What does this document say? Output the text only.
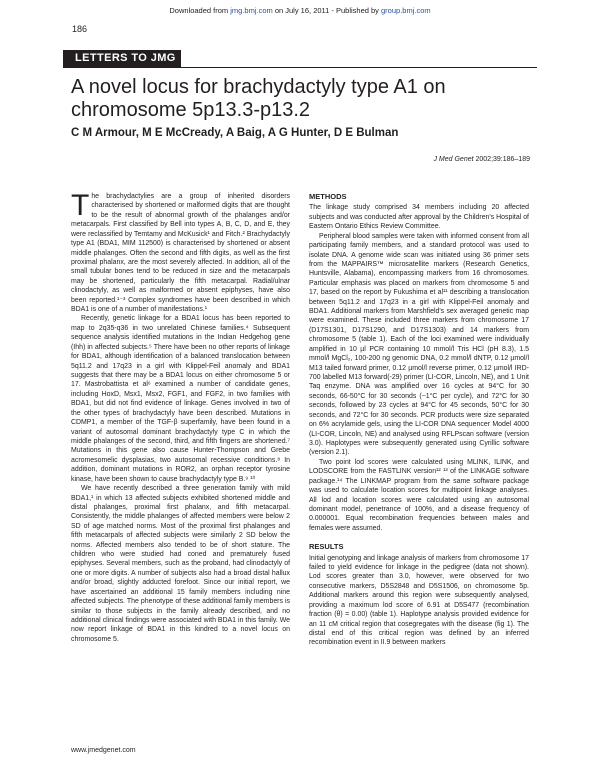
Downloaded from jmg.bmj.com on July 16, 2011 - Published by group.bmj.com
186
LETTERS TO JMG
A novel locus for brachydactyly type A1 on chromosome 5p13.3-p13.2
C M Armour, M E McCready, A Baig, A G Hunter, D E Bulman
J Med Genet 2002;39:186–189

The brachydactylies are a group of inherited disorders characterised by shortened or malformed digits that are thought to be the result of abnormal growth of the phalanges and/or metacarpals. First classified by Bell into types A, B, C, D, and E, they were reclassified by Temtamy and McKusick¹ and Fitch.² Brachydactyly type A1 (BDA1, MIM 112500) is characterised by shortened or absent middle phalanges. Often the second and fifth digits, as well as the first proximal phalanx, are the most severely affected. In addition, all of the small tubular bones tend to be reduced in size and the metacarpals may be shortened, particularly the fifth metacarpal. Radial/ulnar clinodactyly, as well as malformed or absent epiphyses, have also been reported.¹⁻³ Complex syndromes have been described in which BDA1 is one of a number of manifestations.¹

Recently, genetic linkage for a BDA1 locus has been reported to map to 2q35-q36 in two unrelated Chinese families.⁴ Subsequent sequence analysis identified mutations in the Indian Hedgehog gene (Ihh) in affected subjects.⁵ There have been no other reports of linkage for BDA1, although identification of a balanced translocation between 5q11.2 and 17q23 in a girl with Klippel-Feil anomaly and BDA1 suggests that there may be a BDA1 locus on either chromosome 5 or 17. Mastrobattista et al⁶ examined a number of candidate genes, including HoxD, Msx1, Msx2, FGF1, and FGF2, in two families with BDA1, but did not find evidence of linkage. Genes involved in two of the other types of brachydactyly have been described. Mutations in CDMP1, a member of the TGF-β superfamily, have been found in a variant of autosomal dominant brachydactyly type C in which the middle phalanges of the second, third, and fifth fingers are shortened.⁷ Mutations in this gene also cause Hunter-Thompson and Grebe acromesomelic dysplasias, two autosomal recessive conditions.⁸ In addition, dominant mutations in ROR2, an orphan receptor tyrosine kinase, have been shown to cause brachydactyly type B.⁹ ¹⁰

We have recently described a three generation family with mild BDA1,¹ in which 13 affected subjects exhibited shortened middle and distal phalanges, proximal first phalanx, and fifth metacarpal. Consistently, the middle phalanges of affected members were below 2 SD of age matched norms. Most of the proximal first phalanges and fifth metacarpals of affected subjects were similarly 2 SD below the norms. Affected members also tended to be of short stature. The children who were studied had coned and prematurely fused epiphyses. Several members, such as the proband, had clinodactyly of one or more digits. A number of subjects also had a broad distal hallux and/or broad, slightly adducted forefoot. Since our initial report, we have ascertained an additional 15 family members including nine affected subjects. The phenotype of these additional family members is similar to those subjects in the family already described, and no additional clinical findings were associated with BDA1 in this family. We now report linkage of BDA1 in this kindred to a novel locus on chromosome 5.

METHODS

The linkage study comprised 34 members including 20 affected subjects and was conducted after approval by the Children's Hospital of Eastern Ontario Ethics Review Committee.

Peripheral blood samples were taken with informed consent from all participating family members, and a standard protocol was used to isolate DNA. A genome wide scan was initiated using 36 primer sets from the MAPPAIRS™ microsatellite markers (Research Genetics, Huntsville, Alabama), encompassing markers from 16 chromosomes. Particular emphasis was placed on markers from chromosome 5 and 17, based on the report by Fukushima et al¹¹ describing a translocation between 5q11.2 and 17q23 in a girl with Klippel-Feil anomaly and BDA1. Additional markers from Marshfield's sex averaged genetic map were examined. These included three markers from chromosome 17 (D17S1301, D17S1290, and D17S1303) and 14 markers from chromosome 5 (table 1). Each of the loci examined were individually amplified in 10 µl PCR containing 10 mmol/l Tris HCl (pH 8.3), 1.5 mmol/l MgCl₂, 100-200 ng genomic DNA, 0.2 mmol/l dNTP, 0.12 µmol/l M13 tailed forward primer, 0.12 µmol/l reverse primer, 0.12 µmol/l IRD-700 labelled M13 forward(-29) primer (LI-COR, Lincoln, NE), and 1 Unit Taq enzyme. DNA was amplified over 16 cycles at 94°C for 30 seconds, 66-50°C for 30 seconds (−1°C per cycle), and 72°C for 30 seconds, followed by 23 cycles at 94°C for 45 seconds, 50°C for 30 seconds, and 72°C for 30 seconds. PCR products were size separated on 6% acrylamide gels, using the LI-COR DNA sequencer Model 4000 (LI-COR, Lincoln, NE) and analysed using RFLPscan software (version 3.0). Haplotypes were subsequently generated using Cyrillic software (version 2.1).

Two point lod scores were calculated using MLINK, ILINK, and LODSCORE from the FASTLINK version¹² ¹³ of the LINKAGE software package.¹⁴ The LINKMAP program from the same software package was used to calculate location scores for multipoint linkage analyses. All lod and location scores were calculated using an autosomal dominant model, penetrance of 100%, and a disease frequency of 0.000001. Equal recombination frequencies between males and females were assumed.

RESULTS

Initial genotyping and linkage analysis of markers from chromosome 17 failed to yield evidence for linkage in the pedigree (data not shown). Lod scores greater than 3.0, however, were observed for two consecutive markers, D5S2848 and D5S1506, on chromosome 5p. Additional markers around this region were subsequently analysed, providing a maximum lod score of 6.91 at D5S477 (recombination fraction (θ) = 0.00) (table 1). Haplotype analysis provided evidence for an 11 cM critical region that cosegregates with the disease (fig 1). The distal end of this critical region was defined by an inferred recombination event in II.9 between markers

www.jmedgenet.com
